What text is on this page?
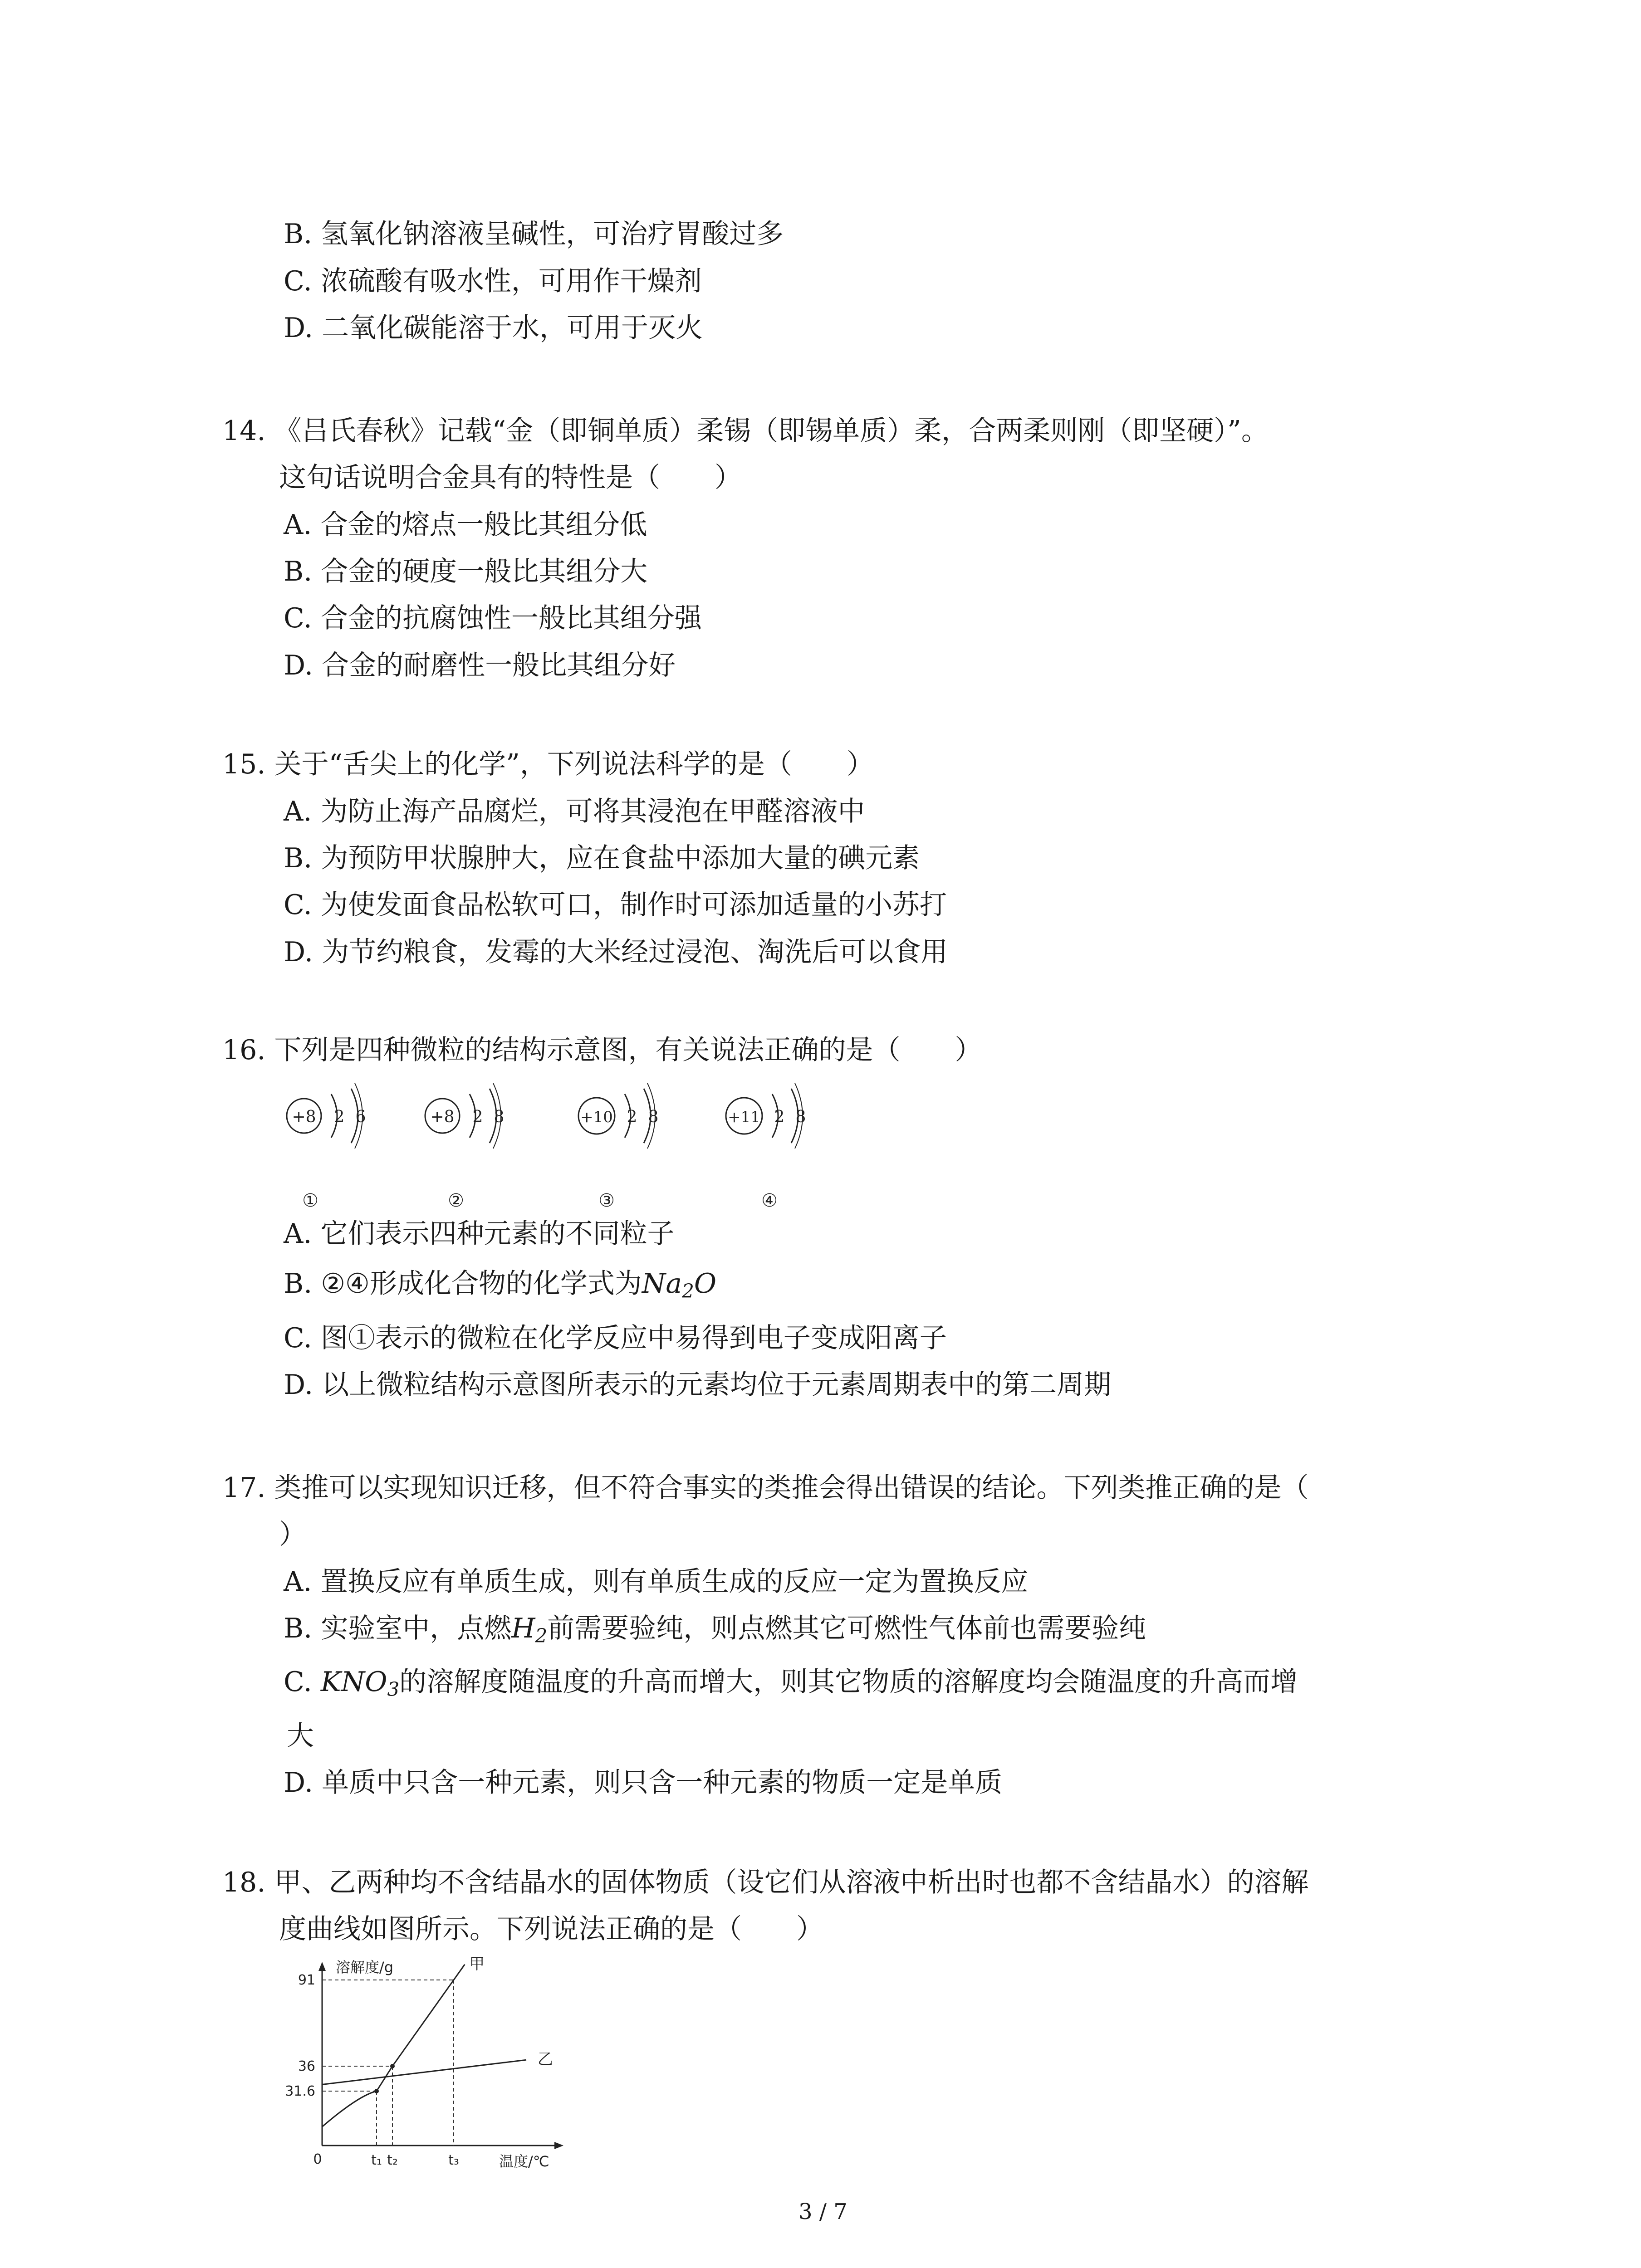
B. 氢氧化钠溶液呈碱性，可治疗胃酸过多
C. 浓硫酸有吸水性，可用作干燥剂
D. 二氧化碳能溶于水，可用于灭火
14. 《吕氏春秋》记载“金（即铜单质）柔锡（即锡单质）柔，合两柔则刚（即坚硬）”。
这句话说明合金具有的特性是（　　）
A. 合金的熔点一般比其组分低
B. 合金的硬度一般比其组分大
C. 合金的抗腐蚀性一般比其组分强
D. 合金的耐磨性一般比其组分好
15. 关于“舌尖上的化学”，下列说法科学的是（　　）
A. 为防止海产品腐烂，可将其浸泡在甲醛溶液中
B. 为预防甲状腺肿大，应在食盐中添加大量的碘元素
C. 为使发面食品松软可口，制作时可添加适量的小苏打
D. 为节约粮食，发霉的大米经过浸泡、淘洗后可以食用
16. 下列是四种微粒的结构示意图，有关说法正确的是（　　）
+8 2 6
①
+8 2 8
②
+10 2 8
③
+11 2 8
④
A. 它们表示四种元素的不同粒子
B. ②④形成化合物的化学式为$Na_2O$
C. 图①表示的微粒在化学反应中易得到电子变成阳离子
D. 以上微粒结构示意图所表示的元素均位于元素周期表中的第二周期
17. 类推可以实现知识迁移，但不符合事实的类推会得出错误的结论。下列类推正确的是（
）
A. 置换反应有单质生成，则有单质生成的反应一定为置换反应
B. 实验室中，点燃$H_2$前需要验纯，则点燃其它可燃性气体前也需要验纯
C. $KNO_3$的溶解度随温度的升高而增大，则其它物质的溶解度均会随温度的升高而增
大
D. 单质中只含一种元素，则只含一种元素的物质一定是单质
18. 甲、乙两种均不含结晶水的固体物质（设它们从溶液中析出时也都不含结晶水）的溶解
度曲线如图所示。下列说法正确的是（　　）
溶解度/g
温度/℃
0
91
36
31.6
t₁ t₂	t₃
甲
乙
3 / 7
